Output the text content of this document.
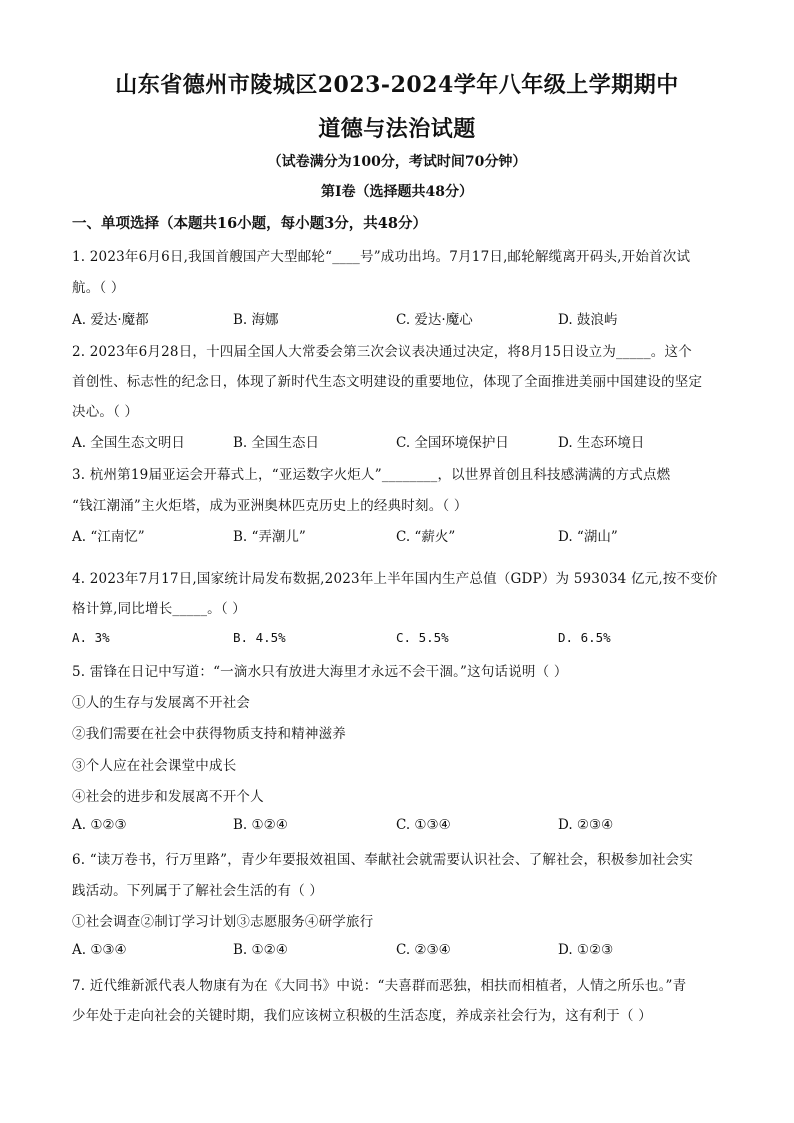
山东省德州市陵城区2023-2024学年八年级上学期期中
道德与法治试题
（试卷满分为100分，考试时间70分钟）
第Ⅰ卷（选择题共48分）
一、单项选择（本题共16小题，每小题3分，共48分）
1. 2023年6月6日,我国首艘国产大型邮轮“____号”成功出坞。7月17日,邮轮解缆离开码头,开始首次试
航。（ ）
A. 爱达·魔都	B. 海娜	C. 爱达·魔心	D. 鼓浪屿
2. 2023年6月28日，十四届全国人大常委会第三次会议表决通过决定，将8月15日设立为_____。这个
首创性、标志性的纪念日，体现了新时代生态文明建设的重要地位，体现了全面推进美丽中国建设的坚定
决心。（ ）
A. 全国生态文明日	B. 全国生态日	C. 全国环境保护日	D. 生态环境日
3. 杭州第19届亚运会开幕式上，“亚运数字火炬人”________，以世界首创且科技感满满的方式点燃
“钱江潮涌”主火炬塔，成为亚洲奥林匹克历史上的经典时刻。（ ）
A. “江南忆”	B. “弄潮儿”	C. “薪火”	D. “湖山”
4. 2023年7月17日,国家统计局发布数据,2023年上半年国内生产总值（GDP）为 593034 亿元,按不变价
格计算,同比增长_____。（ ）
A. 3%	B. 4.5%	C. 5.5%	D. 6.5%
5. 雷锋在日记中写道：“一滴水只有放进大海里才永远不会干涸。”这句话说明（ ）
①人的生存与发展离不开社会
②我们需要在社会中获得物质支持和精神滋养
③个人应在社会课堂中成长
④社会的进步和发展离不开个人
A. ①②③	B. ①②④	C. ①③④	D. ②③④
6. “读万卷书，行万里路”，青少年要报效祖国、奉献社会就需要认识社会、了解社会，积极参加社会实
践活动。下列属于了解社会生活的有（ ）
①社会调查②制订学习计划③志愿服务④研学旅行
A. ①③④	B. ①②④	C. ②③④	D. ①②③
7. 近代维新派代表人物康有为在《大同书》中说：“夫喜群而恶独，相扶而相植者，人情之所乐也。”青
少年处于走向社会的关键时期，我们应该树立积极的生活态度，养成亲社会行为，这有利于（ ）
